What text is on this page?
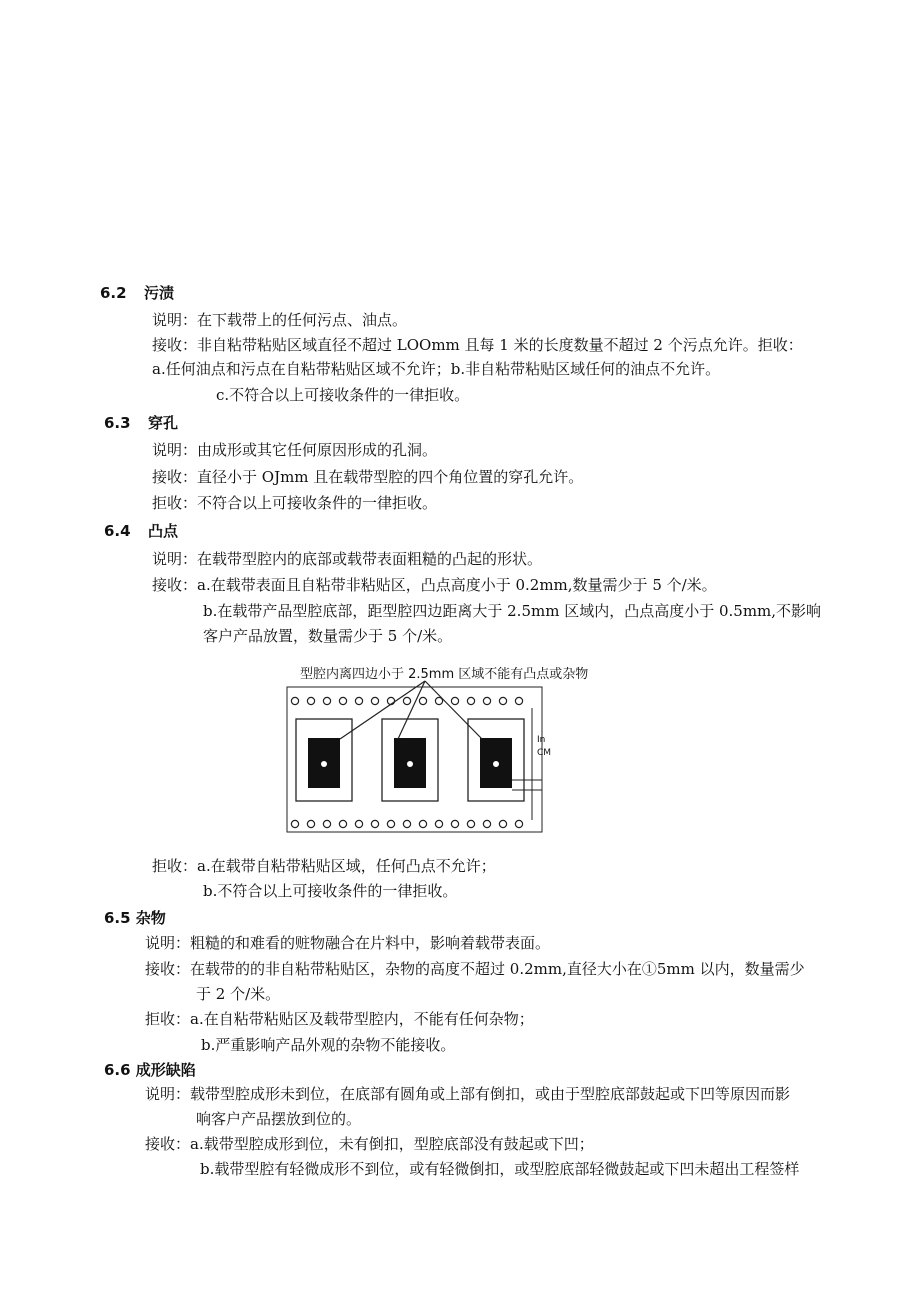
6.2 污渍
说明：在下载带上的任何污点、油点。
接收：非自粘带粘贴区域直径不超过 LOOmm 且每 1 米的长度数量不超过 2 个污点允许。拒收：
a.任何油点和污点在自粘带粘贴区域不允许；b.非自粘带粘贴区域任何的油点不允许。
c.不符合以上可接收条件的一律拒收。
6.3 穿孔
说明：由成形或其它任何原因形成的孔洞。
接收：直径小于 OJmm 且在载带型腔的四个角位置的穿孔允许。
拒收：不符合以上可接收条件的一律拒收。
6.4 凸点
说明：在载带型腔内的底部或载带表面粗糙的凸起的形状。
接收：a.在载带表面且自粘带非粘贴区，凸点高度小于 0.2mm,数量需少于 5 个/米。
b.在载带产品型腔底部，距型腔四边距离大于 2.5mm 区域内，凸点高度小于 0.5mm,不影响
客户产品放置，数量需少于 5 个/米。
型腔内离四边小于 2.5mm 区域不能有凸点或杂物
In
CM
拒收：a.在载带自粘带粘贴区域，任何凸点不允许；
b.不符合以上可接收条件的一律拒收。
6.5 杂物
说明：粗糙的和难看的赃物融合在片料中，影响着载带表面。
接收：在载带的的非自粘带粘贴区，杂物的高度不超过 0.2mm,直径大小在①5mm 以内，数量需少
于 2 个/米。
拒收：a.在自粘带粘贴区及载带型腔内，不能有任何杂物；
b.严重影响产品外观的杂物不能接收。
6.6 成形缺陷
说明：载带型腔成形未到位，在底部有圆角或上部有倒扣，或由于型腔底部鼓起或下凹等原因而影
响客户产品摆放到位的。
接收：a.载带型腔成形到位，未有倒扣，型腔底部没有鼓起或下凹；
b.载带型腔有轻微成形不到位，或有轻微倒扣，或型腔底部轻微鼓起或下凹未超出工程签样
